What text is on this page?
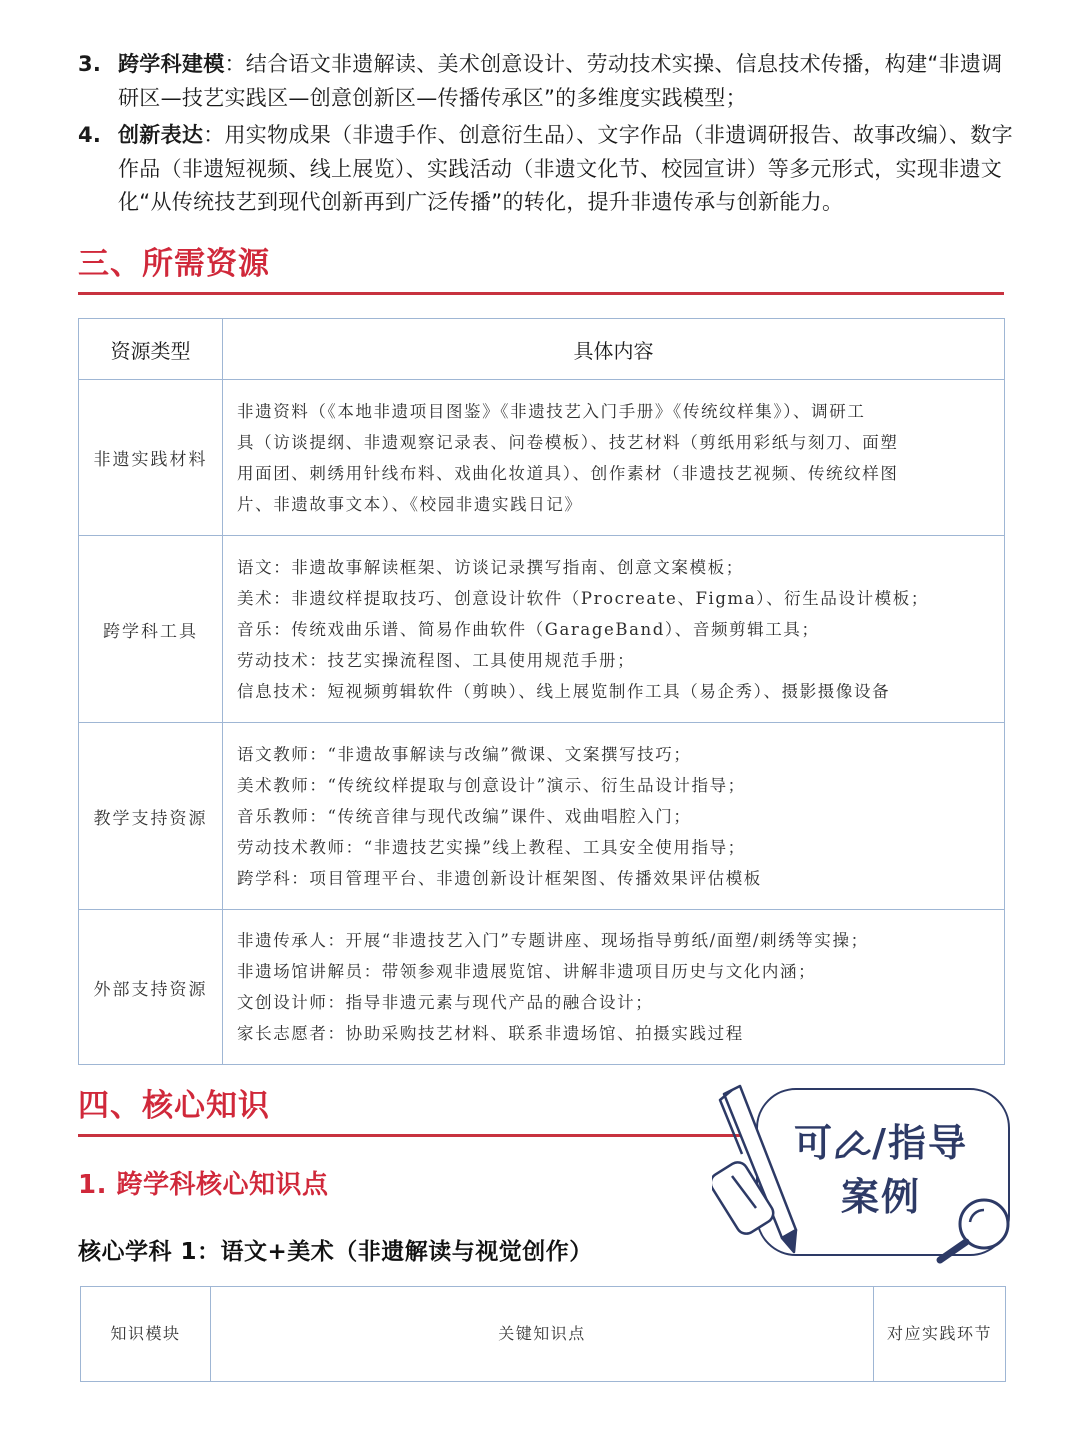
3. 跨学科建模：结合语文非遗解读、美术创意设计、劳动技术实操、信息技术传播，构建“非遗调研区—技艺实践区—创意创新区—传播传承区”的多维度实践模型；
4. 创新表达：用实物成果（非遗手作、创意衍生品）、文字作品（非遗调研报告、故事改编）、数字作品（非遗短视频、线上展览）、实践活动（非遗文化节、校园宣讲）等多元形式，实现非遗文化“从传统技艺到现代创新再到广泛传播”的转化，提升非遗传承与创新能力。
三、所需资源
资源类型	具体内容
非遗实践材料	非遗资料（《本地非遗项目图鉴》《非遗技艺入门手册》《传统纹样集》）、调研工
具（访谈提纲、非遗观察记录表、问卷模板）、技艺材料（剪纸用彩纸与刻刀、面塑
用面团、刺绣用针线布料、戏曲化妆道具）、创作素材（非遗技艺视频、传统纹样图
片、非遗故事文本）、《校园非遗实践日记》

跨学科工具	语文：非遗故事解读框架、访谈记录撰写指南、创意文案模板；
美术：非遗纹样提取技巧、创意设计软件（Procreate、Figma）、衍生品设计模板；
音乐：传统戏曲乐谱、简易作曲软件（GarageBand）、音频剪辑工具；
劳动技术：技艺实操流程图、工具使用规范手册；
信息技术：短视频剪辑软件（剪映）、线上展览制作工具（易企秀）、摄影摄像设备

教学支持资源	语文教师：“非遗故事解读与改编”微课、文案撰写技巧；
美术教师：“传统纹样提取与创意设计”演示、衍生品设计指导；
音乐教师：“传统音律与现代改编”课件、戏曲唱腔入门；
劳动技术教师：“非遗技艺实操”线上教程、工具安全使用指导；
跨学科：项目管理平台、非遗创新设计框架图、传播效果评估模板

外部支持资源	非遗传承人：开展“非遗技艺入门”专题讲座、现场指导剪纸/面塑/刺绣等实操；
非遗场馆讲解员：带领参观非遗展览馆、讲解非遗项目历史与文化内涵；
文创设计师：指导非遗元素与现代产品的融合设计；
家长志愿者：协助采购技艺材料、联系非遗场馆、拍摄实践过程
四、核心知识
1. 跨学科核心知识点
核心学科 1：语文+美术（非遗解读与视觉创作）
知识模块	关键知识点	对应实践环节
可 /指导
案例
